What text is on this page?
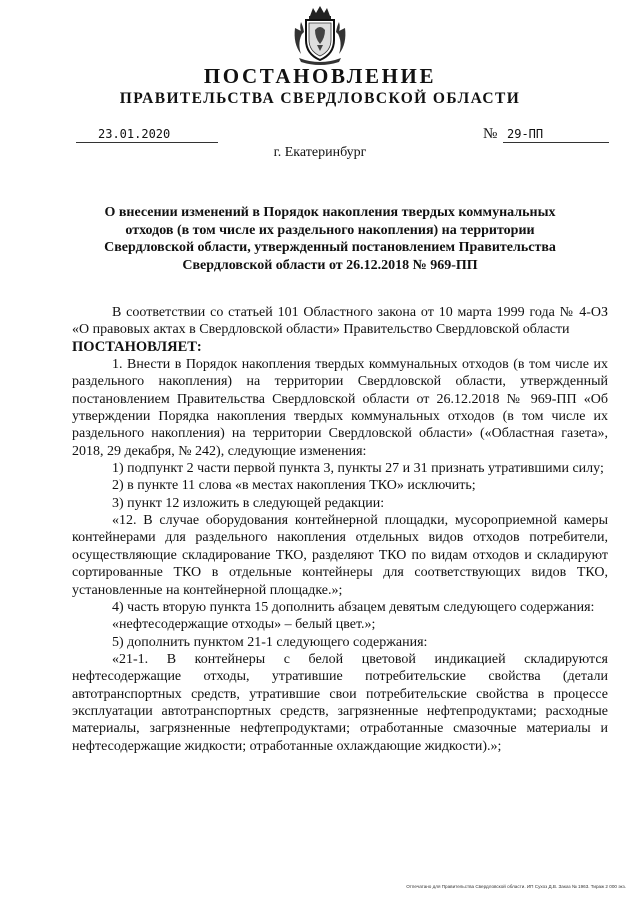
ПОСТАНОВЛЕНИЕ
ПРАВИТЕЛЬСТВА СВЕРДЛОВСКОЙ ОБЛАСТИ
23.01.2020	№ 29-ПП
г. Екатеринбург
О внесении изменений в Порядок накопления твердых коммунальных отходов (в том числе их раздельного накопления) на территории Свердловской области, утвержденный постановлением Правительства Свердловской области от 26.12.2018 № 969-ПП

В соответствии со статьей 101 Областного закона от 10 марта 1999 года № 4-ОЗ «О правовых актах в Свердловской области» Правительство Свердловской области

ПОСТАНОВЛЯЕТ:

1. Внести в Порядок накопления твердых коммунальных отходов (в том числе их раздельного накопления) на территории Свердловской области, утвержденный постановлением Правительства Свердловской области от 26.12.2018 № 969-ПП «Об утверждении Порядка накопления твердых коммунальных отходов (в том числе их раздельного накопления) на территории Свердловской области» («Областная газета», 2018, 29 декабря, № 242), следующие изменения:

1) подпункт 2 части первой пункта 3, пункты 27 и 31 признать утратившими силу;

2) в пункте 11 слова «в местах накопления ТКО» исключить;

3) пункт 12 изложить в следующей редакции:

«12. В случае оборудования контейнерной площадки, мусороприемной камеры контейнерами для раздельного накопления отдельных видов отходов потребители, осуществляющие складирование ТКО, разделяют ТКО по видам отходов и складируют сортированные ТКО в отдельные контейнеры для соответствующих видов ТКО, установленные на контейнерной площадке.»;

4) часть вторую пункта 15 дополнить абзацем девятым следующего содержания:

«нефтесодержащие отходы» – белый цвет.»;

5) дополнить пунктом 21-1 следующего содержания:

«21-1. В контейнеры с белой цветовой индикацией складируются нефтесодержащие отходы, утратившие потребительские свойства (детали автотранспортных средств, утратившие свои потребительские свойства в процессе эксплуатации автотранспортных средств, загрязненные нефтепродуктами; расходные материалы, загрязненные нефтепродуктами; отработанные смазочные материалы и нефтесодержащие жидкости; отработанные охлаждающие жидкости).»;

Отпечатано для Правительства Свердловской области. ИП Сухоз Д.В. Заказ № 1963. Тираж 2 000 экз.
